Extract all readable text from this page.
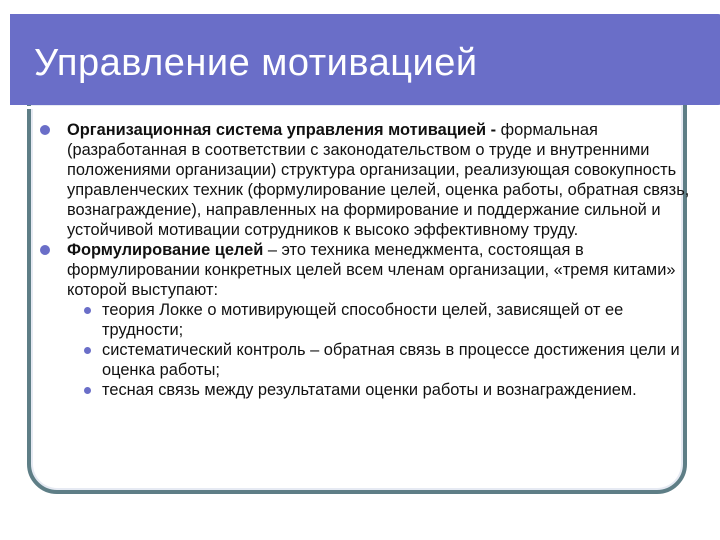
Управление мотивацией
Организационная система управления мотивацией - формальная (разработанная в соответствии с законодательством о труде и внутренними положениями организации) структура организации, реализующая совокупность управленческих техник (формулирование целей, оценка работы, обратная связь, вознаграждение), направленных на формирование и поддержание сильной и устойчивой мотивации сотрудников к высоко эффективному труду.
Формулирование целей – это техника менеджмента, состоящая в формулировании конкретных целей всем членам организации, «тремя китами» которой выступают:
теория Локке о мотивирующей способности целей, зависящей от ее трудности;
систематический контроль – обратная связь в процессе достижения цели и оценка работы;
тесная связь между результатами оценки работы и вознаграждением.
